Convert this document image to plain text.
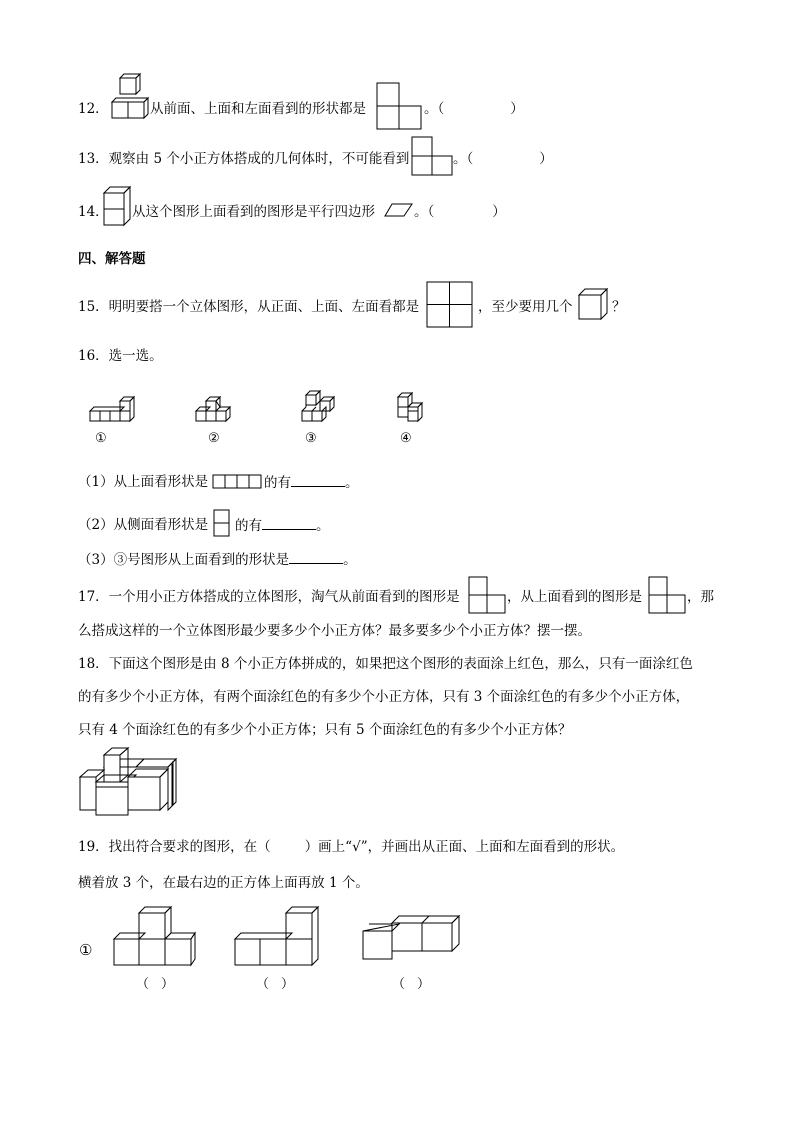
12．	从前面、上面和左面看到的形状都是	。（	）
13．观察由 5 个小正方体搭成的几何体时，不可能看到	。（	）
14． 从这个图形上面看到的图形是平行四边形	。（	）
四、解答题
15．明明要搭一个立体图形，从正面、上面、左面看都是	，至少要用几个	？
16．选一选。
①	②	③	④
（1）从上面看形状是	的有	。
（2）从侧面看形状是 的有	。
（3）③号图形从上面看到的形状是	。
17．一个用小正方体搭成的立体图形，淘气从前面看到的图形是	，从上面看到的图形是	，那
么搭成这样的一个立体图形最少要多少个小正方体？最多要多少个小正方体？摆一摆。
18．下面这个图形是由 8 个小正方体拼成的，如果把这个图形的表面涂上红色，那么，只有一面涂红色
的有多少个小正方体，有两个面涂红色的有多少个小正方体，只有 3 个面涂红色的有多少个小正方体，
只有 4 个面涂红色的有多少个小正方体；只有 5 个面涂红色的有多少个小正方体？
19．找出符合要求的图形，在（	）画上“√”，并画出从正面、上面和左面看到的形状。
横着放 3 个，在最右边的正方体上面再放 1 个。
①
（ ）	（ ）	（ ）
